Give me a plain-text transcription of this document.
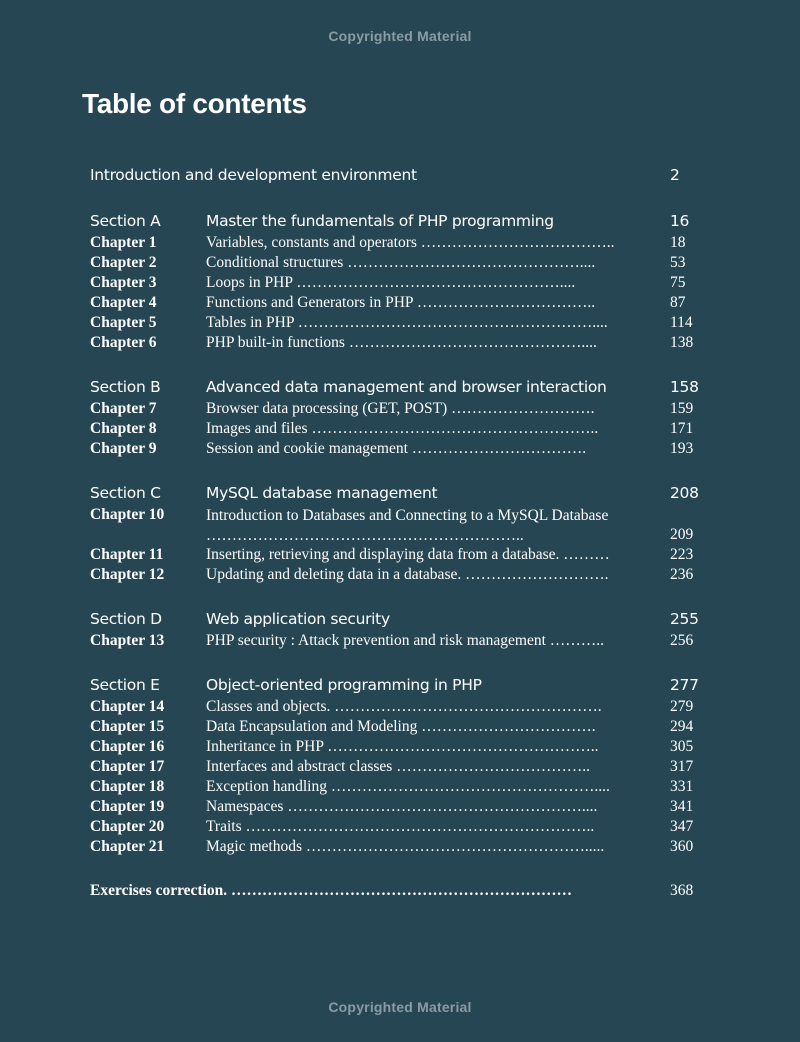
Copyrighted Material
Table of contents
Introduction and development environment	2
Section A	Master the fundamentals of PHP programming	16
Chapter 1	Variables, constants and operators ………………………………..	18
Chapter 2	Conditional structures ………………………………………....	53
Chapter 3	Loops in PHP ……………………………………………....	75
Chapter 4	Functions and Generators in PHP ……………………………..	87
Chapter 5	Tables in PHP …………………………………………………....	114
Chapter 6	PHP built-in functions ………………………………………....	138
Section B	Advanced data management and browser interaction	158
Chapter 7	Browser data processing (GET, POST) ……………………….	159
Chapter 8	Images and files ………………………………………………..	171
Chapter 9	Session and cookie management …………………………….	193
Section C	MySQL database management	208
Chapter 10	Introduction to Databases and Connecting to a MySQL Database ……………………………………………………..	209
Chapter 11	Inserting, retrieving and displaying data from a database. ………	223
Chapter 12	Updating and deleting data in a database. ……………………….	236
Section D	Web application security	255
Chapter 13	PHP security : Attack prevention and risk management ………..	256
Section E	Object-oriented programming in PHP	277
Chapter 14	Classes and objects. …………………………………………….	279
Chapter 15	Data Encapsulation and Modeling …………………………….	294
Chapter 16	Inheritance in PHP ……………………………………………..	305
Chapter 17	Interfaces and abstract classes ………………………………..	317
Chapter 18	Exception handling ……………………………………………....	331
Chapter 19	Namespaces …………………………………………………....	341
Chapter 20	Traits …………………………………………………………..	347
Chapter 21	Magic methods ……………………………………………….....	360
Exercises correction. …………………………………………………………	368
Copyrighted Material
